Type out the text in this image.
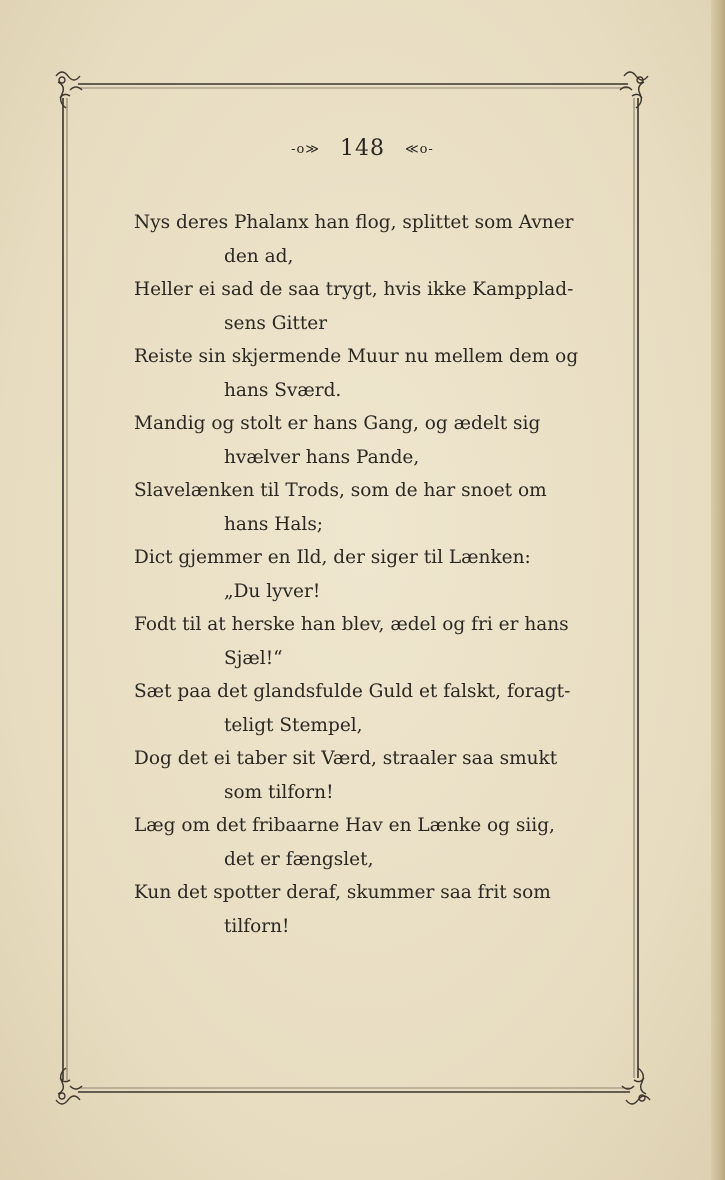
-o≫ 148 ≪o-
Nys deres Phalanx han flog, splittet som Avner
den ad,
Heller ei sad de saa trygt, hvis ikke Kampplad-
sens Gitter
Reiste sin skjermende Muur nu mellem dem og
hans Sværd.
Mandig og stolt er hans Gang, og ædelt sig
hvælver hans Pande,
Slavelænken til Trods, som de har snoet om
hans Hals;
Dict gjemmer en Ild, der siger til Lænken:
„Du lyver!
Fodt til at herske han blev, ædel og fri er hans
Sjæl!“
Sæt paa det glandsfulde Guld et falskt, foragt-
teligt Stempel,
Dog det ei taber sit Værd, straaler saa smukt
som tilforn!
Læg om det fribaarne Hav en Lænke og siig,
det er fængslet,
Kun det spotter deraf, skummer saa frit som
tilforn!
